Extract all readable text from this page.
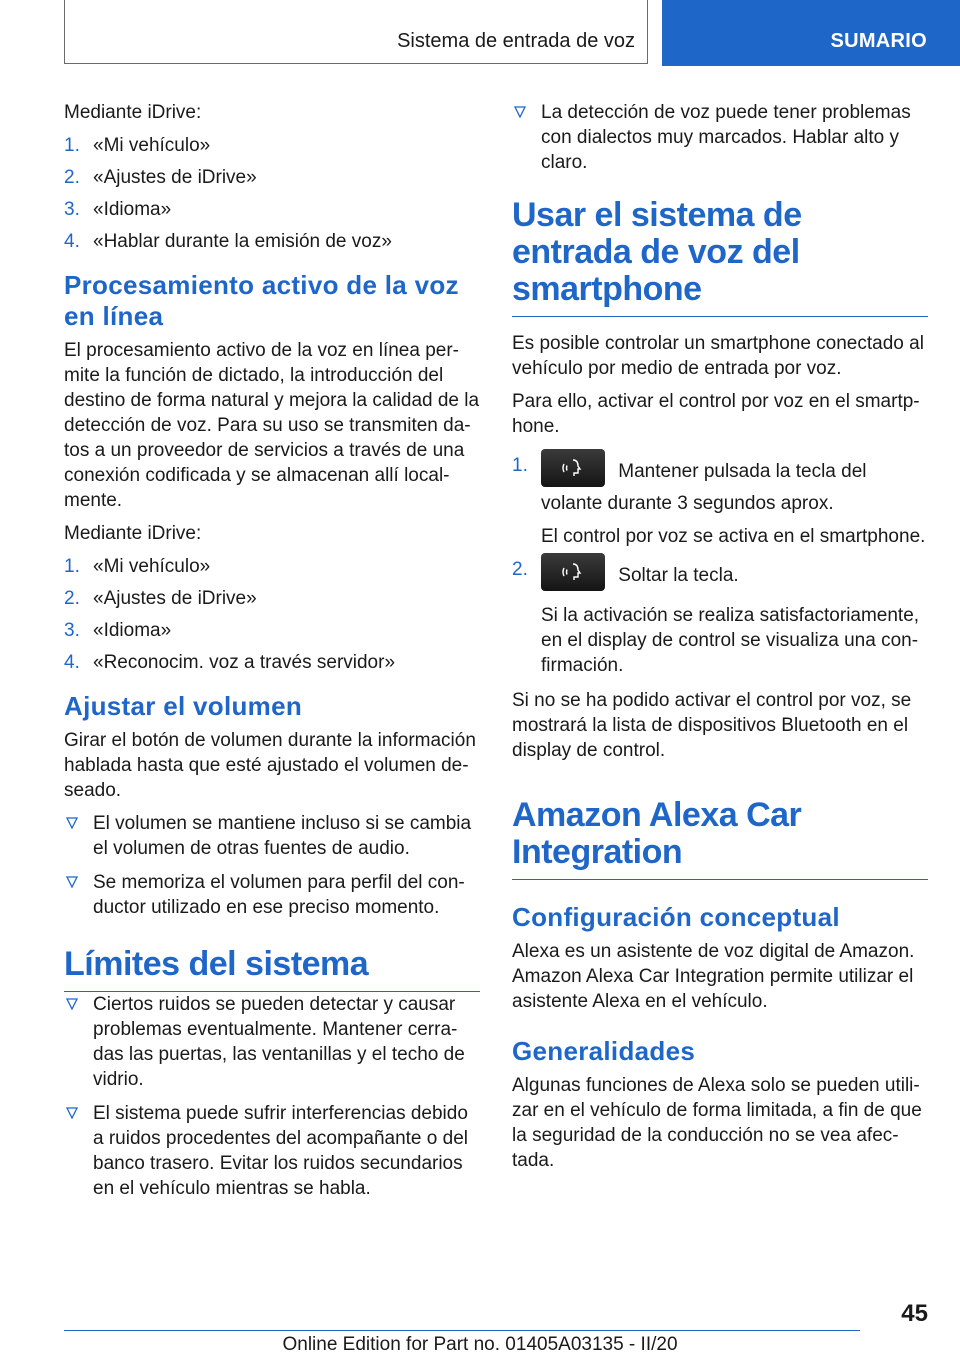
Sistema de entrada de voz	SUMARIO

Mediante iDrive:

1. «Mi vehículo»
2. «Ajustes de iDrive»
3. «Idioma»
4. «Hablar durante la emisión de voz»
Procesamiento activo de la voz en línea

El procesamiento activo de la voz en línea per-mite la función de dictado, la introducción del destino de forma natural y mejora la calidad de la detección de voz. Para su uso se transmiten da-tos a un proveedor de servicios a través de una conexión codificada y se almacenan allí local-mente.

Mediante iDrive:

1. «Mi vehículo»
2. «Ajustes de iDrive»
3. «Idioma»
4. «Reconocim. voz a través servidor»
Ajustar el volumen

Girar el botón de volumen durante la información hablada hasta que esté ajustado el volumen de-seado.

El volumen se mantiene incluso si se cambia el volumen de otras fuentes de audio.
Se memoriza el volumen para perfil del con-ductor utilizado en ese preciso momento.
Límites del sistema
Ciertos ruidos se pueden detectar y causar problemas eventualmente. Mantener cerra-das las puertas, las ventanillas y el techo de vidrio.
El sistema puede sufrir interferencias debido a ruidos procedentes del acompañante o del banco trasero. Evitar los ruidos secundarios en el vehículo mientras se habla.
La detección de voz puede tener problemas con dialectos muy marcados. Hablar alto y claro.
Usar el sistema de entrada de voz del smartphone

Es posible controlar un smartphone conectado al vehículo por medio de entrada por voz.

Para ello, activar el control por voz en el smartp-hone.

1.	Mantener pulsada la tecla del volante durante 3 segundos aprox.

El control por voz se activa en el smartphone.

2.	Soltar la tecla.

Si la activación se realiza satisfactoriamente, en el display de control se visualiza una con-firmación.

Si no se ha podido activar el control por voz, se mostrará la lista de dispositivos Bluetooth en el display de control.

Amazon Alexa Car Integration
Configuración conceptual

Alexa es un asistente de voz digital de Amazon. Amazon Alexa Car Integration permite utilizar el asistente Alexa en el vehículo.

Generalidades

Algunas funciones de Alexa solo se pueden utili-zar en el vehículo de forma limitada, a fin de que la seguridad de la conducción no se vea afec-tada.

45
Online Edition for Part no. 01405A03135 - II/20
